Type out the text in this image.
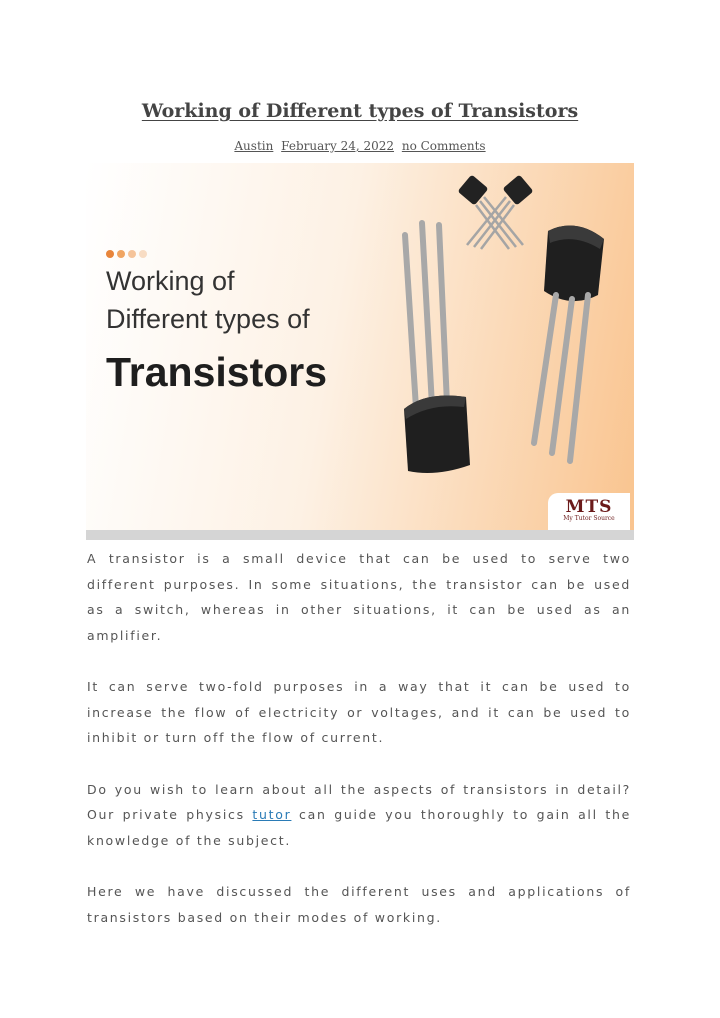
Working of Different types of Transistors
Austin February 24, 2022 no Comments
Working of
Different types of
Transistors
MTS
My Tutor Source

A transistor is a small device that can be used to serve two different purposes. In some situations, the transistor can be used as a switch, whereas in other situations, it can be used as an amplifier.

It can serve two-fold purposes in a way that it can be used to increase the flow of electricity or voltages, and it can be used to inhibit or turn off the flow of current.

Do you wish to learn about all the aspects of transistors in detail? Our private physics tutor can guide you thoroughly to gain all the knowledge of the subject.

Here we have discussed the different uses and applications of transistors based on their modes of working.
